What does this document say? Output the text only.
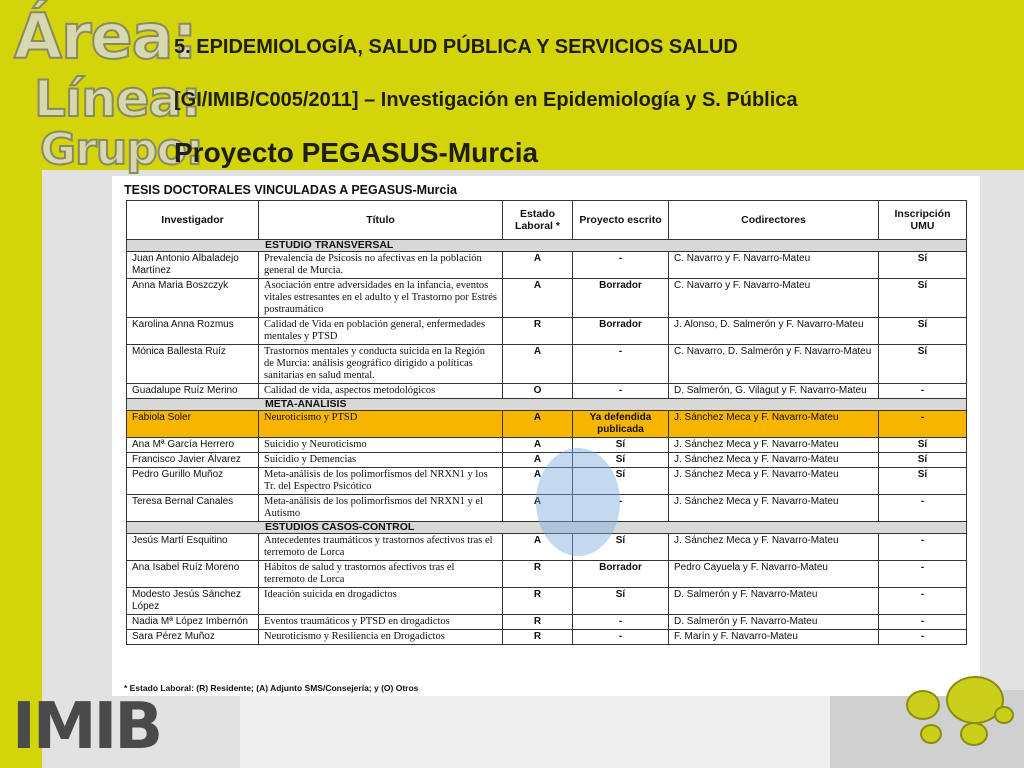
Área:
Línea:
Grupo:
5. EPIDEMIOLOGÍA, SALUD PÚBLICA Y SERVICIOS SALUD
[GI/IMIB/C005/2011] – Investigación en Epidemiología y S. Pública
Proyecto PEGASUS-Murcia
TESIS DOCTORALES VINCULADAS A PEGASUS-Murcia
Investigador	Título	Estado Laboral *	Proyecto escrito	Codirectores	Inscripción UMU
ESTUDIO TRANSVERSAL					
Juan Antonio Albaladejo Martínez	Prevalencia de Psicosis no afectivas en la población general de Murcia.	A	-	C. Navarro y F. Navarro-Mateu	Sí
Anna Maria Boszczyk	Asociación entre adversidades en la infancia, eventos vitales estresantes en el adulto y el Trastorno por Estrés postraumático	A	Borrador	C. Navarro y F. Navarro-Mateu	Sí
Karolina Anna Rozmus	Calidad de Vida en población general, enfermedades mentales y PTSD	R	Borrador	J. Alonso, D. Salmerón y F. Navarro-Mateu	Sí
Mónica Ballesta Ruíz	Trastornos mentales y conducta suicida en la Región de Murcia: análisis geográfico dirigido a políticas sanitarias en salud mental.	A	-	C. Navarro, D. Salmerón y F. Navarro-Mateu	Sí
Guadalupe Ruíz Merino	Calidad de vida, aspectos metodológicos	O	-	D. Salmerón, G. Vilagut y F. Navarro-Mateu	-
META-ANÁLISIS					
Fabiola Soler	Neuroticismo y PTSD	A	Ya defendida publicada	J. Sánchez Meca y F. Navarro-Mateu	-
Ana Mª García Herrero	Suicidio y Neuroticismo	A	Sí	J. Sánchez Meca y F. Navarro-Mateu	Sí
Francisco Javier Álvarez	Suicidio y Demencias	A	Sí	J. Sánchez Meca y F. Navarro-Mateu	Sí
Pedro Gurillo Muñoz	Meta-análisis de los polimorfismos del NRXN1 y los Tr. del Espectro Psicótico	A	Sí	J. Sánchez Meca y F. Navarro-Mateu	Sí
Teresa Bernal Canales	Meta-análisis de los polimorfismos del NRXN1 y el Autismo	A	-	J. Sánchez Meca y F. Navarro-Mateu	-
ESTUDIOS CASOS-CONTROL					
Jesús Martí Esquitino	Antecedentes traumáticos y trastornos afectivos tras el terremoto de Lorca	A	Sí	J. Sánchez Meca y F. Navarro-Mateu	-
Ana Isabel Ruíz Moreno	Hábitos de salud y trastornos afectivos tras el terremoto de Lorca	R	Borrador	Pedro Cayuela y F. Navarro-Mateu	-
Modesto Jesús Sánchez López	Ideación suicida en drogadictos	R	Sí	D. Salmerón y F. Navarro-Mateu	-
Nadia Mª López Imbernón	Eventos traumáticos y PTSD en drogadictos	R	-	D. Salmerón y F. Navarro-Mateu	-
Sara Pérez Muñoz	Neuroticismo y Resiliencia en Drogadictos	R	-	F. Marín y F. Navarro-Mateu	-
* Estado Laboral: (R) Residente; (A) Adjunto SMS/Consejería; y (O) Otros
IMIB
